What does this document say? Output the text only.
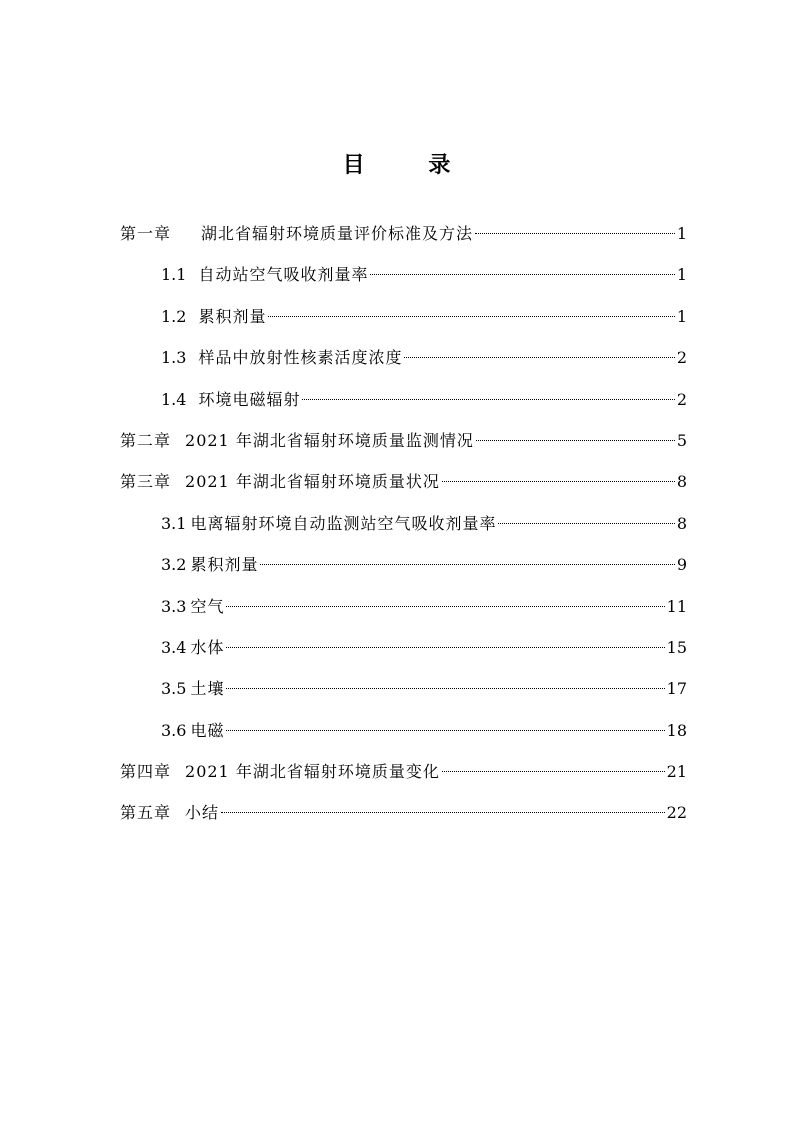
目 录
第一章 湖北省辐射环境质量评价标准及方法	1
1.1 自动站空气吸收剂量率	1
1.2 累积剂量	1
1.3 样品中放射性核素活度浓度	2
1.4 环境电磁辐射	2
第二章 2021 年湖北省辐射环境质量监测情况	5
第三章 2021 年湖北省辐射环境质量状况	8
3.1 电离辐射环境自动监测站空气吸收剂量率	8
3.2 累积剂量	9
3.3 空气	11
3.4 水体	15
3.5 土壤	17
3.6 电磁	18
第四章 2021 年湖北省辐射环境质量变化	21
第五章 小结	22
